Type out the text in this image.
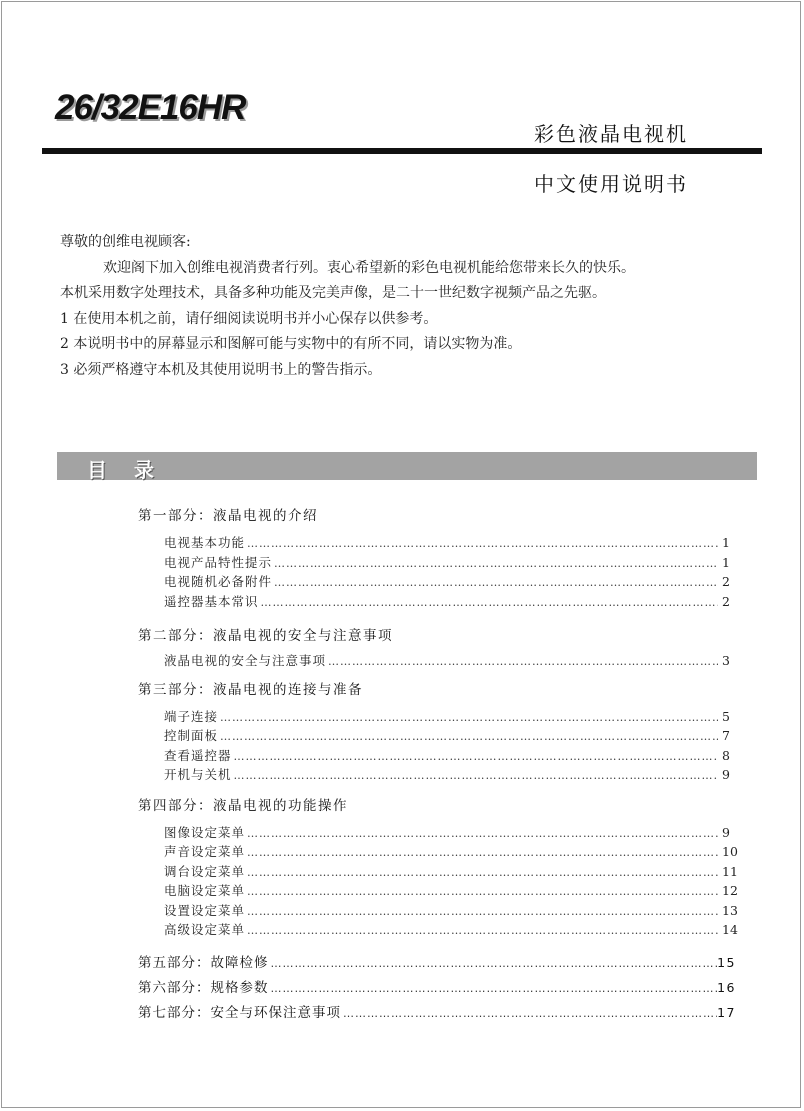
26/32E16HR
彩色液晶电视机
中文使用说明书

尊敬的创维电视顾客:

欢迎阁下加入创维电视消费者行列。衷心希望新的彩色电视机能给您带来长久的快乐。

本机采用数字处理技术，具备多种功能及完美声像，是二十一世纪数字视频产品之先驱。

1 在使用本机之前，请仔细阅读说明书并小心保存以供参考。

2 本说明书中的屏幕显示和图解可能与实物中的有所不同，请以实物为准。

3 必须严格遵守本机及其使用说明书上的警告指示。

目 录
第一部分：液晶电视的介绍
电视基本功能 ……………………………………………………………………………………………………………………………………………………………………………………	1
电视产品特性提示 ……………………………………………………………………………………………………………………………………………………………………………………	1
电视随机必备附件 ……………………………………………………………………………………………………………………………………………………………………………………	2
遥控器基本常识 ……………………………………………………………………………………………………………………………………………………………………………………	2
第二部分：液晶电视的安全与注意事项
液晶电视的安全与注意事项 ……………………………………………………………………………………………………………………………………………………………………………………	3
第三部分：液晶电视的连接与准备
端子连接 ……………………………………………………………………………………………………………………………………………………………………………………	5
控制面板 ……………………………………………………………………………………………………………………………………………………………………………………	7
查看遥控器 ……………………………………………………………………………………………………………………………………………………………………………………	8
开机与关机 ……………………………………………………………………………………………………………………………………………………………………………………	9
第四部分：液晶电视的功能操作
图像设定菜单 ……………………………………………………………………………………………………………………………………………………………………………………	9
声音设定菜单 ……………………………………………………………………………………………………………………………………………………………………………………	10
调台设定菜单 ……………………………………………………………………………………………………………………………………………………………………………………	11
电脑设定菜单 ……………………………………………………………………………………………………………………………………………………………………………………	12
设置设定菜单 ……………………………………………………………………………………………………………………………………………………………………………………	13
高级设定菜单 ……………………………………………………………………………………………………………………………………………………………………………………	14
第五部分：故障检修 ……………………………………………………………………………………………………………………………………………………………………………………	15
第六部分：规格参数 ……………………………………………………………………………………………………………………………………………………………………………………	16
第七部分：安全与环保注意事项 ……………………………………………………………………………………………………………………………………………………………………………………	17
